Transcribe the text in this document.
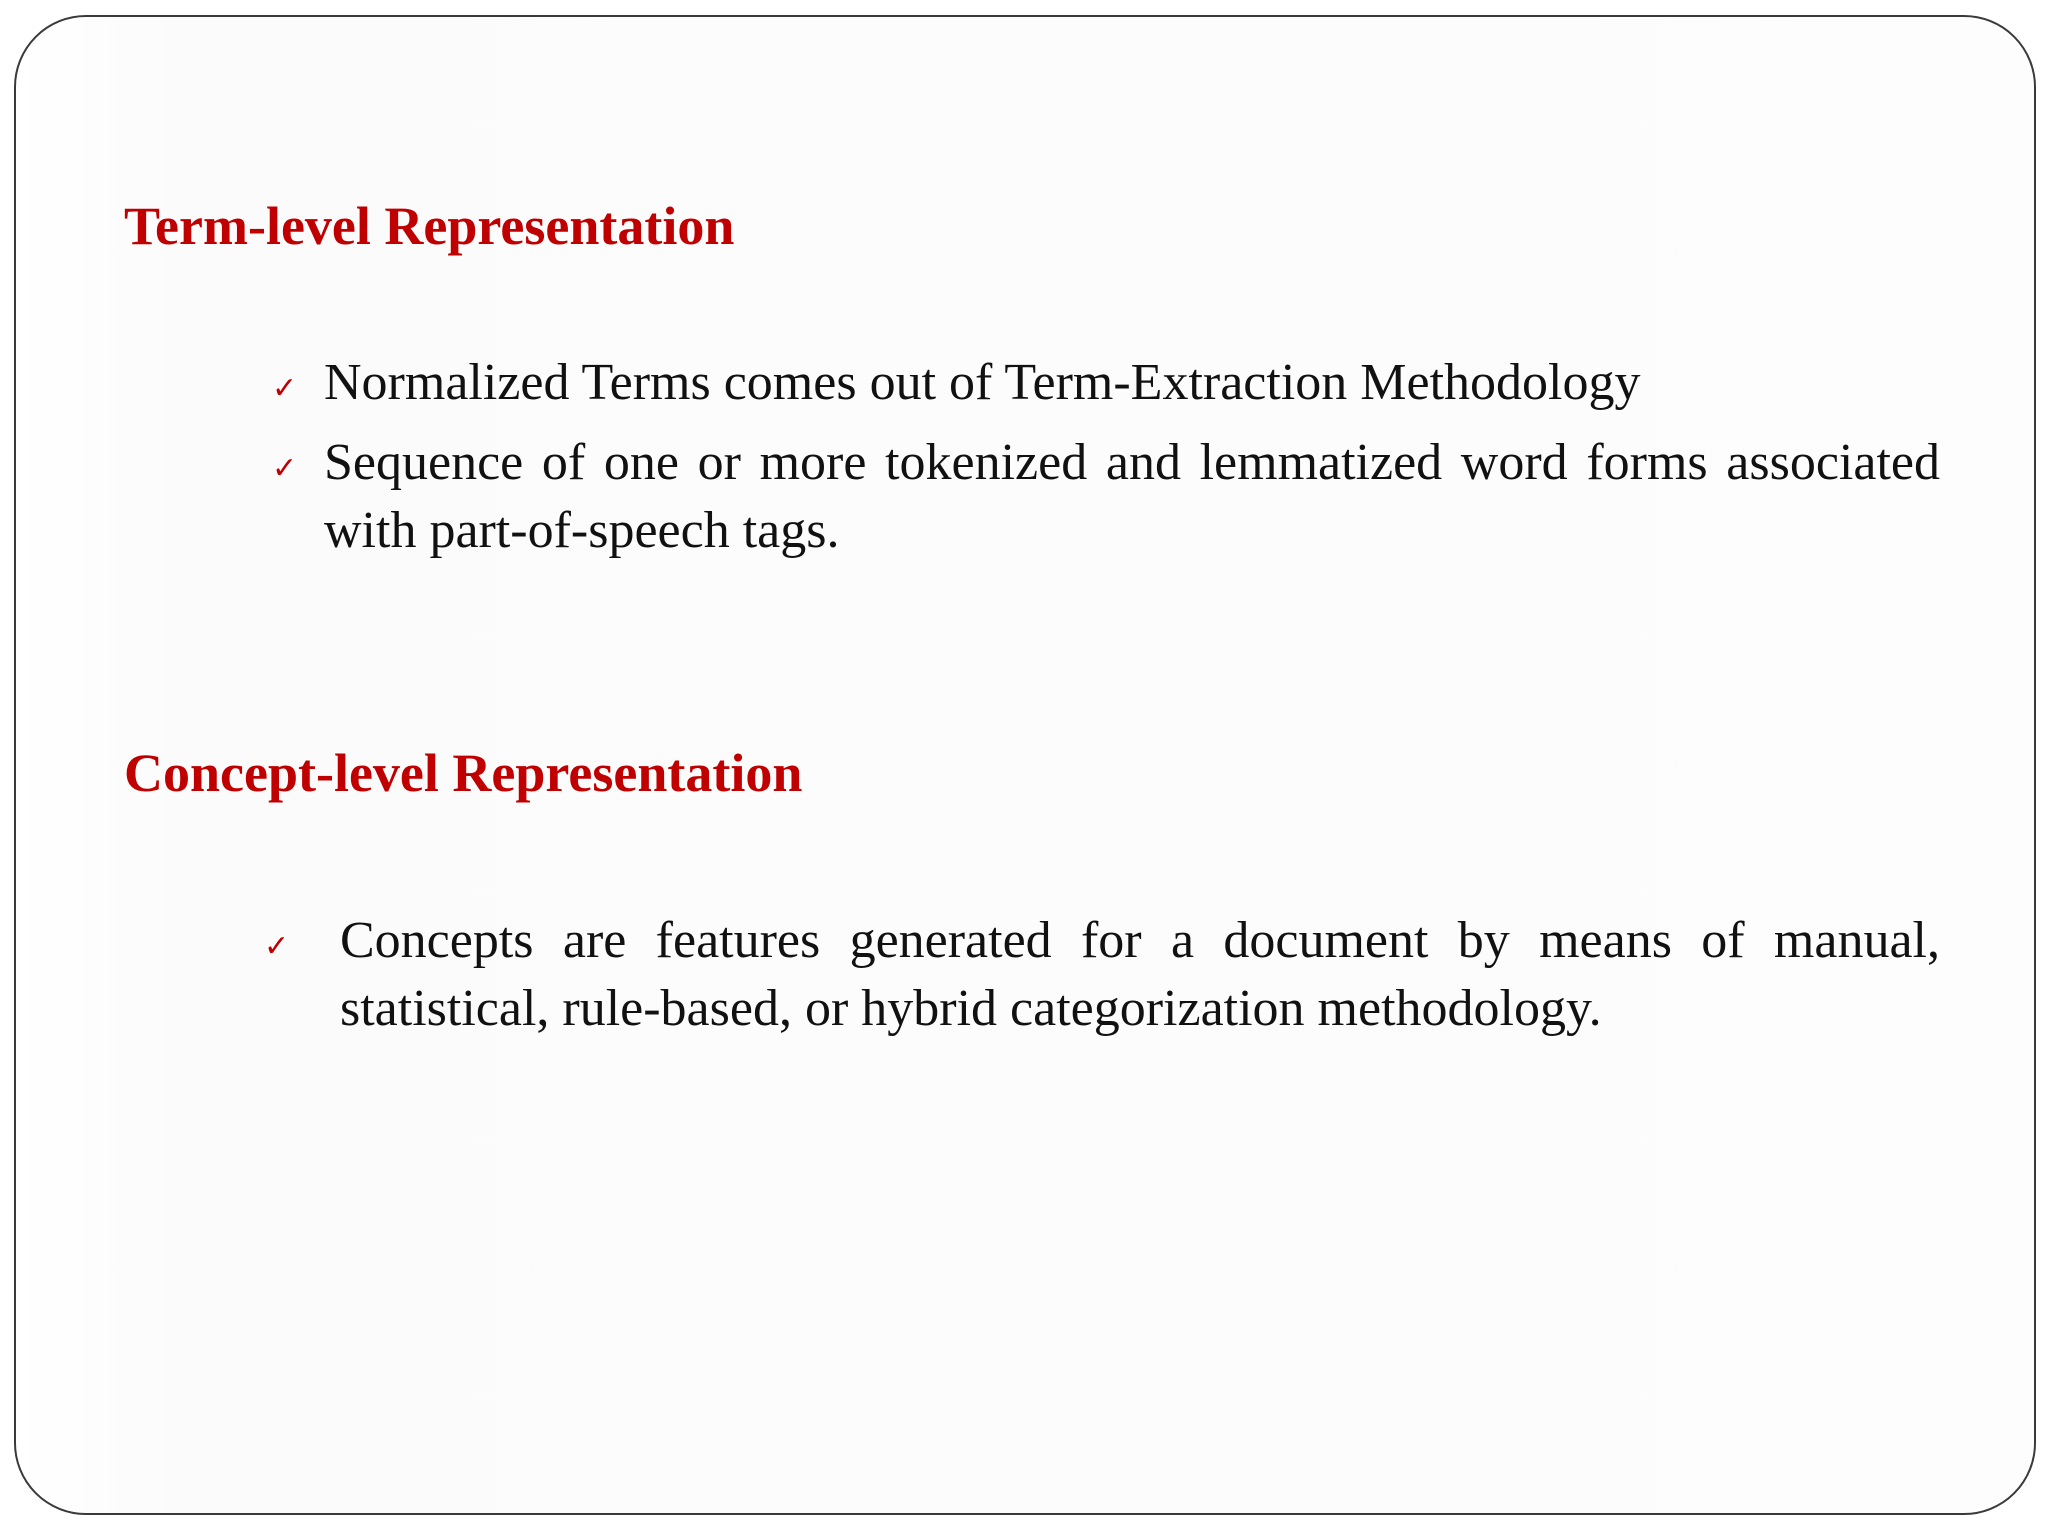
Term-level Representation
✓ Normalized Terms comes out of Term-Extraction Methodology
✓ Sequence of one or more tokenized and lemmatized word forms associated with part-of-speech tags.
Concept-level Representation
✓ Concepts are features generated for a document by means of manual, statistical, rule-based, or hybrid categorization methodology.
